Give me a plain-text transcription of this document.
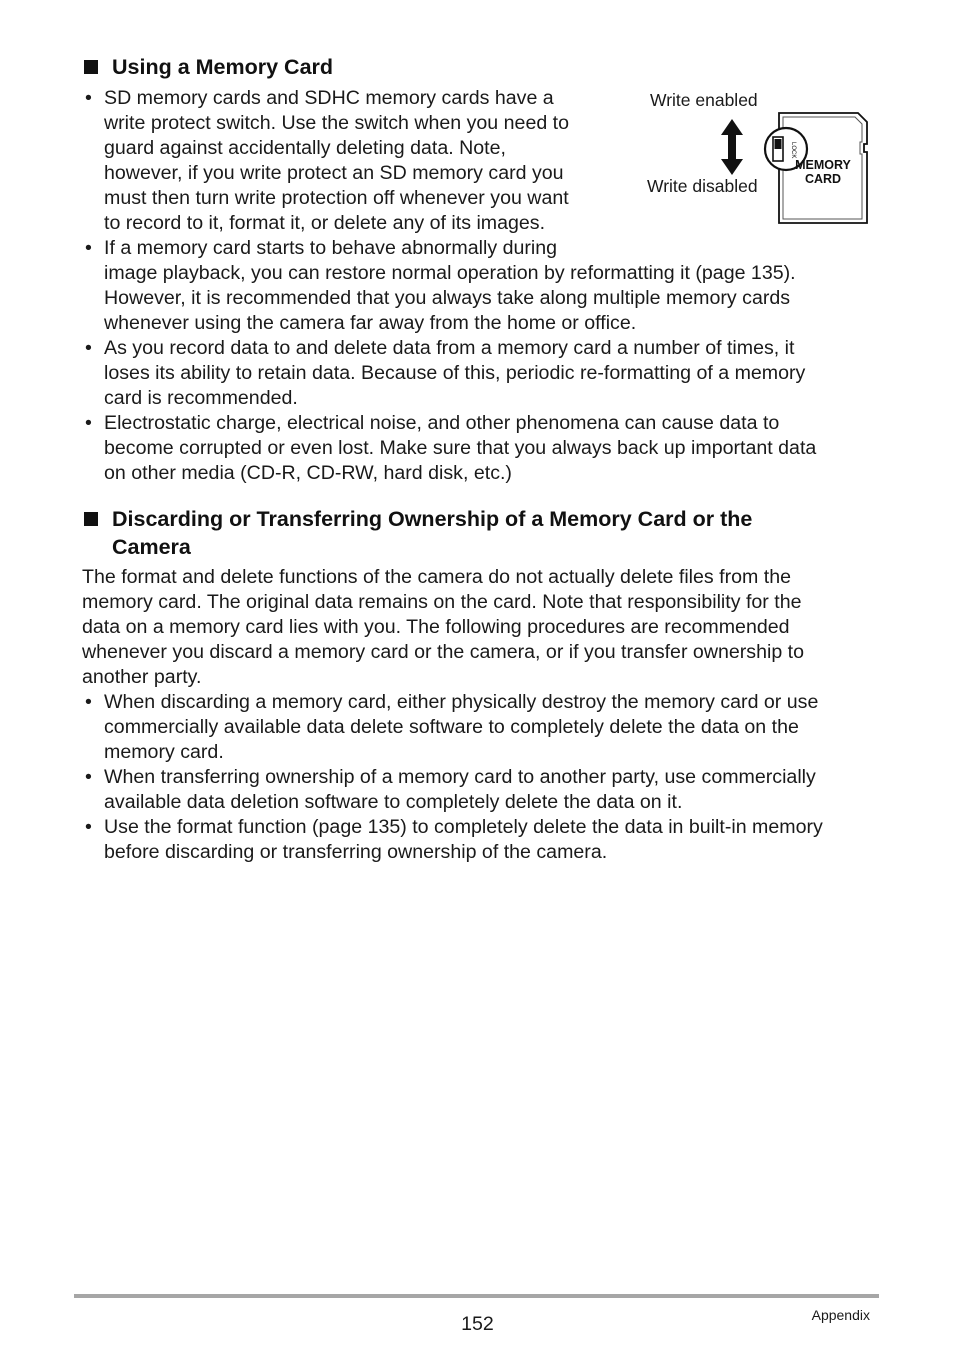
Using a Memory Card
• SD memory cards and SDHC memory cards have a
write protect switch. Use the switch when you need to
guard against accidentally deleting data. Note,
however, if you write protect an SD memory card you
must then turn write protection off whenever you want
to record to it, format it, or delete any of its images.
Write enabled
Write disabled
LOCK
MEMORY
CARD
• If a memory card starts to behave abnormally during
image playback, you can restore normal operation by reformatting it (page 135).
However, it is recommended that you always take along multiple memory cards
whenever using the camera far away from the home or office.
• As you record data to and delete data from a memory card a number of times, it
loses its ability to retain data. Because of this, periodic re-formatting of a memory
card is recommended.
• Electrostatic charge, electrical noise, and other phenomena can cause data to
become corrupted or even lost. Make sure that you always back up important data
on other media (CD-R, CD-RW, hard disk, etc.)
Discarding or Transferring Ownership of a Memory Card or the
Camera

The format and delete functions of the camera do not actually delete files from the
memory card. The original data remains on the card. Note that responsibility for the
data on a memory card lies with you. The following procedures are recommended
whenever you discard a memory card or the camera, or if you transfer ownership to
another party.

• When discarding a memory card, either physically destroy the memory card or use
commercially available data delete software to completely delete the data on the
memory card.
• When transferring ownership of a memory card to another party, use commercially
available data deletion software to completely delete the data on it.
• Use the format function (page 135) to completely delete the data in built-in memory
before discarding or transferring ownership of the camera.
152	Appendix
